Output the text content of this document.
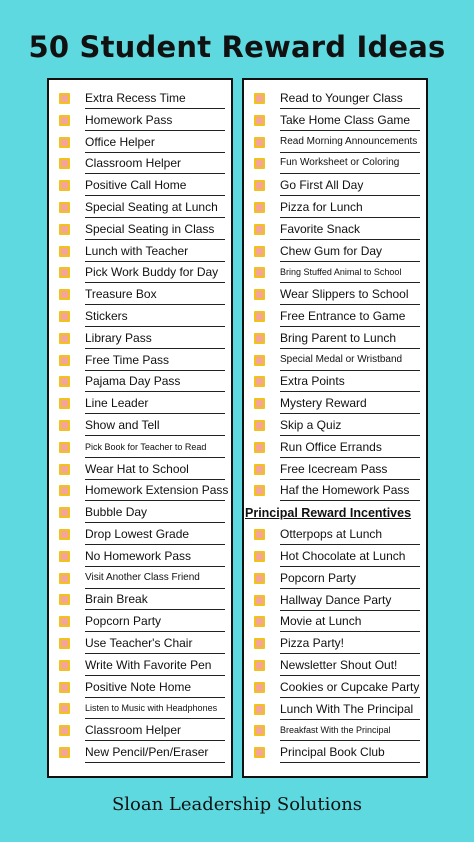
50 Student Reward Ideas
Extra Recess Time
Homework Pass
Office Helper
Classroom Helper
Positive Call Home
Special Seating at Lunch
Special Seating in Class
Lunch with Teacher
Pick Work Buddy for Day
Treasure Box
Stickers
Library Pass
Free Time Pass
Pajama Day Pass
Line Leader
Show and Tell
Pick Book for Teacher to Read
Wear Hat to School
Homework Extension Pass
Bubble Day
Drop Lowest Grade
No Homework Pass
Visit Another Class Friend
Brain Break
Popcorn Party
Use Teacher's Chair
Write With Favorite Pen
Positive Note Home
Listen to Music with Headphones
Classroom Helper
New Pencil/Pen/Eraser
Read to Younger Class
Take Home Class Game
Read Morning Announcements
Fun Worksheet or Coloring
Go First All Day
Pizza for Lunch
Favorite Snack
Chew Gum for Day
Bring Stuffed Animal to School
Wear Slippers to School
Free Entrance to Game
Bring Parent to Lunch
Special Medal or Wristband
Extra Points
Mystery Reward
Skip a Quiz
Run Office Errands
Free Icecream Pass
Haf the Homework Pass
Principal Reward Incentives
Otterpops at Lunch
Hot Chocolate at Lunch
Popcorn Party
Hallway Dance Party
Movie at Lunch
Pizza Party!
Newsletter Shout Out!
Cookies or Cupcake Party
Lunch With The Principal
Breakfast With the Principal
Principal Book Club
Sloan Leadership Solutions
